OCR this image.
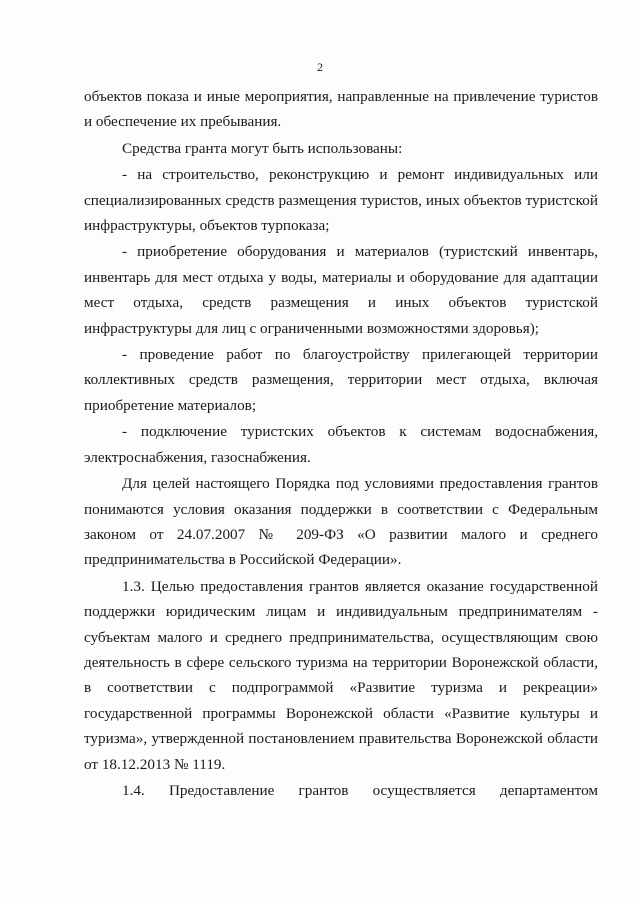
2

объектов показа и иные мероприятия, направленные на привлечение туристов и обеспечение их пребывания.

Средства гранта могут быть использованы:

- на строительство, реконструкцию и ремонт индивидуальных или специализированных средств размещения туристов, иных объектов туристской инфраструктуры, объектов турпоказа;

- приобретение оборудования и материалов (туристский инвентарь, инвентарь для мест отдыха у воды, материалы и оборудование для адаптации мест отдыха, средств размещения и иных объектов туристской инфраструктуры для лиц с ограниченными возможностями здоровья);

- проведение работ по благоустройству прилегающей территории коллективных средств размещения, территории мест отдыха, включая приобретение материалов;

- подключение туристских объектов к системам водоснабжения, электроснабжения, газоснабжения.

Для целей настоящего Порядка под условиями предоставления грантов понимаются условия оказания поддержки в соответствии с Федеральным законом от 24.07.2007 № 209-ФЗ «О развитии малого и среднего предпринимательства в Российской Федерации».

1.3. Целью предоставления грантов является оказание государственной поддержки юридическим лицам и индивидуальным предпринимателям - субъектам малого и среднего предпринимательства, осуществляющим свою деятельность в сфере сельского туризма на территории Воронежской области, в соответствии с подпрограммой «Развитие туризма и рекреации» государственной программы Воронежской области «Развитие культуры и туризма», утвержденной постановлением правительства Воронежской области от 18.12.2013 № 1119.

1.4. Предоставление грантов осуществляется департаментом
